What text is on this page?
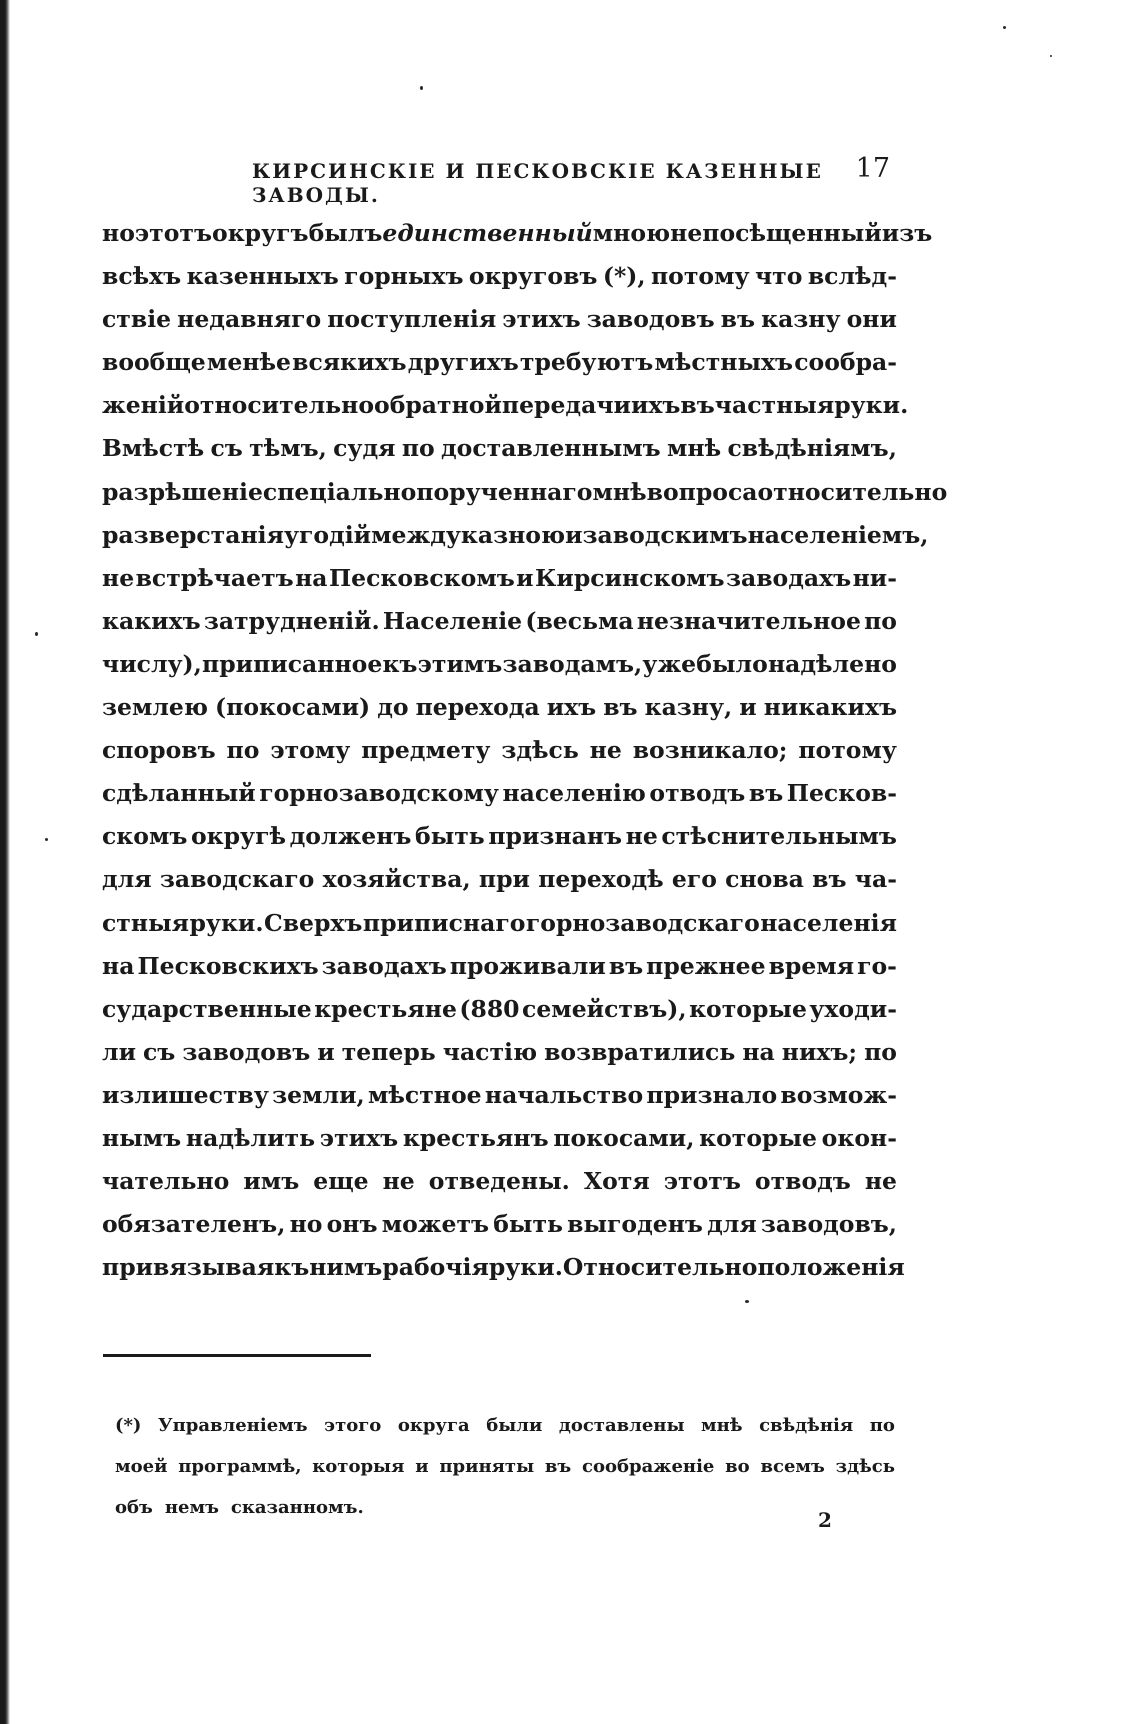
КИРСИНСКІЕ И ПЕСКОВСКІЕ КАЗЕННЫЕ ЗАВОДЫ.
17
но этотъ округъ былъ единственный мною не посѣщенный изъ
всѣхъ казенныхъ горныхъ округовъ (*), потому что вслѣд-
ствіе недавняго поступленія этихъ заводовъ въ казну они
вообще менѣе всякихъ другихъ требуютъ мѣстныхъ сообра-
женій относительно обратной передачи ихъ въ частныя руки.
Вмѣстѣ съ тѣмъ, судя по доставленнымъ мнѣ свѣдѣніямъ,
разрѣшеніе спеціально порученнаго мнѣ вопроса относительно
разверстанія угодій между казною и заводскимъ населеніемъ,
не встрѣчаетъ на Песковскомъ и Кирсинскомъ заводахъ ни-
какихъ затрудненій. Населеніе (весьма незначительное по
числу), приписанное къ этимъ заводамъ, уже было надѣлено
землею (покосами) до перехода ихъ въ казну, и никакихъ
споровъ по этому предмету здѣсь не возникало; потому
сдѣланный горнозаводскому населенію отводъ въ Песков-
скомъ округѣ долженъ быть признанъ не стѣснительнымъ
для заводскаго хозяйства, при переходѣ его снова въ ча-
стныя руки. Сверхъ приписнаго горнозаводскаго населенія
на Песковскихъ заводахъ проживали въ прежнее время го-
сударственные крестьяне (880 семействъ), которые уходи-
ли съ заводовъ и теперь частію возвратились на нихъ; по
излишеству земли, мѣстное начальство признало возмож-
нымъ надѣлить этихъ крестьянъ покосами, которые окон-
чательно имъ еще не отведены. Хотя этотъ отводъ не
обязателенъ, но онъ можетъ быть выгоденъ для заводовъ,
привязывая къ нимъ рабочія руки. Относительно положенія
(*) Управленіемъ этого округа были доставлены мнѣ свѣдѣнія по
моей программѣ, которыя и приняты въ соображеніе во всемъ здѣсь
объ немъ сказанномъ.
2
